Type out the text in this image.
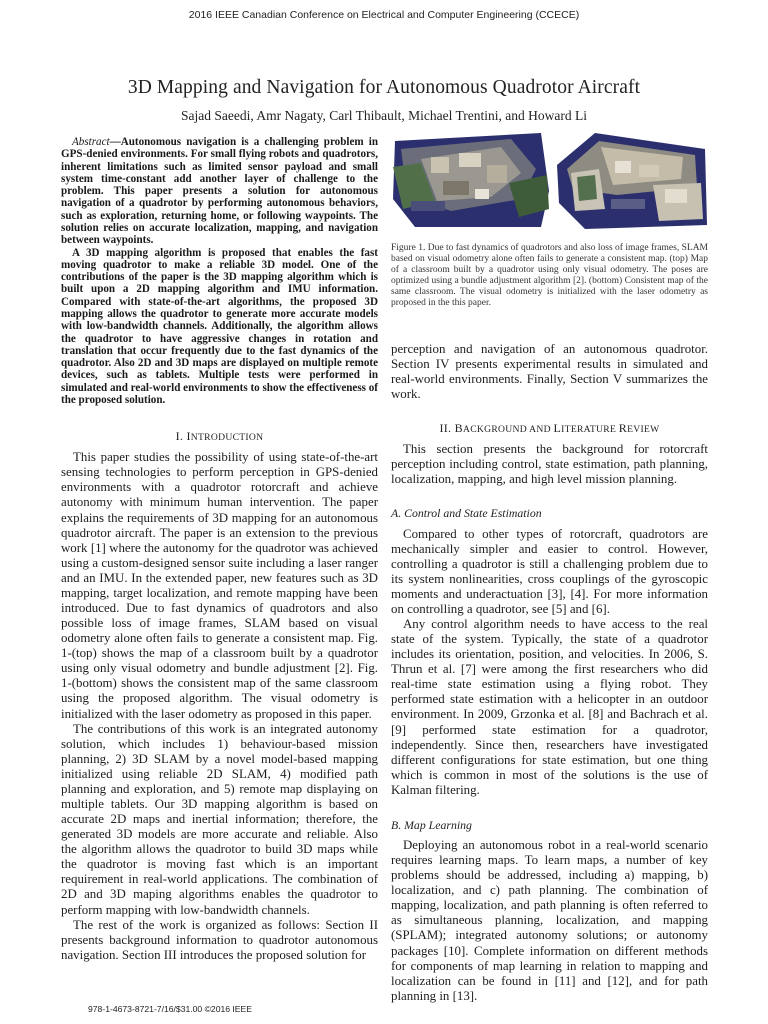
2016 IEEE Canadian Conference on Electrical and Computer Engineering (CCECE)
3D Mapping and Navigation for Autonomous Quadrotor Aircraft
Sajad Saeedi, Amr Nagaty, Carl Thibault, Michael Trentini, and Howard Li

Abstract—Autonomous navigation is a challenging problem in GPS-denied environments. For small flying robots and quadrotors, inherent limitations such as limited sensor payload and small system time-constant add another layer of challenge to the problem. This paper presents a solution for autonomous navigation of a quadrotor by performing autonomous behaviors, such as exploration, returning home, or following waypoints. The solution relies on accurate localization, mapping, and navigation between waypoints.

A 3D mapping algorithm is proposed that enables the fast moving quadrotor to make a reliable 3D model. One of the contributions of the paper is the 3D mapping algorithm which is built upon a 2D mapping algorithm and IMU information. Compared with state-of-the-art algorithms, the proposed 3D mapping allows the quadrotor to generate more accurate models with low-bandwidth channels. Additionally, the algorithm allows the quadrotor to have aggressive changes in rotation and translation that occur frequently due to the fast dynamics of the quadrotor. Also 2D and 3D maps are displayed on multiple remote devices, such as tablets. Multiple tests were performed in simulated and real-world environments to show the effectiveness of the proposed solution.

I. INTRODUCTION

This paper studies the possibility of using state-of-the-art sensing technologies to perform perception in GPS-denied environments with a quadrotor rotorcraft and achieve autonomy with minimum human intervention. The paper explains the requirements of 3D mapping for an autonomous quadrotor aircraft. The paper is an extension to the previous work [1] where the autonomy for the quadrotor was achieved using a custom-designed sensor suite including a laser ranger and an IMU. In the extended paper, new features such as 3D mapping, target localization, and remote mapping have been introduced. Due to fast dynamics of quadrotors and also possible loss of image frames, SLAM based on visual odometry alone often fails to generate a consistent map. Fig. 1-(top) shows the map of a classroom built by a quadrotor using only visual odometry and bundle adjustment [2]. Fig. 1-(bottom) shows the consistent map of the same classroom using the proposed algorithm. The visual odometry is initialized with the laser odometry as proposed in this paper.

The contributions of this work is an integrated autonomy solution, which includes 1) behaviour-based mission planning, 2) 3D SLAM by a novel model-based mapping initialized using reliable 2D SLAM, 4) modified path planning and exploration, and 5) remote map displaying on multiple tablets. Our 3D mapping algorithm is based on accurate 2D maps and inertial information; therefore, the generated 3D models are more accurate and reliable. Also the algorithm allows the quadrotor to build 3D maps while the quadrotor is moving fast which is an important requirement in real-world applications. The combination of 2D and 3D maping algorithms enables the quadrotor to perform mapping with low-bandwidth channels.

The rest of the work is organized as follows: Section II presents background information to quadrotor autonomous navigation. Section III introduces the proposed solution for

Figure 1. Due to fast dynamics of quadrotors and also loss of image frames, SLAM based on visual odometry alone often fails to generate a consistent map. (top) Map of a classroom built by a quadrotor using only visual odometry. The poses are optimized using a bundle adjustment algorithm [2]. (bottom) Consistent map of the same classroom. The visual odometry is initialized with the laser odometry as proposed in the this paper.

perception and navigation of an autonomous quadrotor. Section IV presents experimental results in simulated and real-world environments. Finally, Section V summarizes the work.

II. BACKGROUND AND LITERATURE REVIEW

This section presents the background for rotorcraft perception including control, state estimation, path planning, localization, mapping, and high level mission planning.

A. Control and State Estimation

Compared to other types of rotorcraft, quadrotors are mechanically simpler and easier to control. However, controlling a quadrotor is still a challenging problem due to its system nonlinearities, cross couplings of the gyroscopic moments and underactuation [3], [4]. For more information on controlling a quadrotor, see [5] and [6].

Any control algorithm needs to have access to the real state of the system. Typically, the state of a quadrotor includes its orientation, position, and velocities. In 2006, S. Thrun et al. [7] were among the first researchers who did real-time state estimation using a flying robot. They performed state estimation with a helicopter in an outdoor environment. In 2009, Grzonka et al. [8] and Bachrach et al. [9] performed state estimation for a quadrotor, independently. Since then, researchers have investigated different configurations for state estimation, but one thing which is common in most of the solutions is the use of Kalman filtering.

B. Map Learning

Deploying an autonomous robot in a real-world scenario requires learning maps. To learn maps, a number of key problems should be addressed, including a) mapping, b) localization, and c) path planning. The combination of mapping, localization, and path planning is often referred to as simultaneous planning, localization, and mapping (SPLAM); integrated autonomy solutions; or autonomy packages [10]. Complete information on different methods for components of map learning in relation to mapping and localization can be found in [11] and [12], and for path planning in [13].

978-1-4673-8721-7/16/$31.00 ©2016 IEEE
